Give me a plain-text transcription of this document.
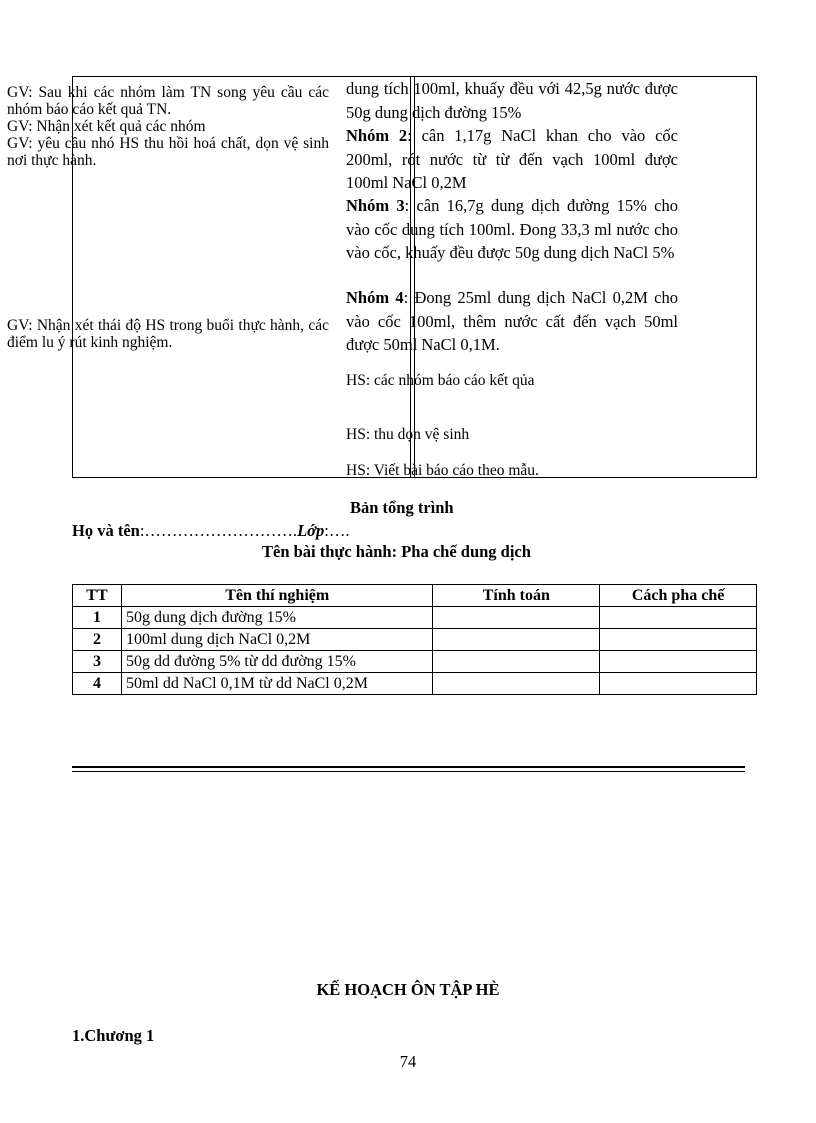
GV: Sau khi các nhóm làm TN song yêu cầu các nhóm báo cáo kết quả TN.

GV: Nhận xét kết quả các nhóm

GV: yêu cầu nhó HS thu hồi hoá chất, dọn vệ sinh nơi thực hành.

GV: Nhận xét thái độ HS trong buổi thực hành, các điểm lu ý rút kinh nghiệm.

dung tích 100ml, khuấy đều với 42,5g nước được 50g dung dịch đường 15%

Nhóm 2: cân 1,17g NaCl khan cho vào cốc 200ml, rót nước từ từ đến vạch 100ml được 100ml NaCl 0,2M

Nhóm 3: cân 16,7g dung dịch đường 15% cho vào cốc dung tích 100ml. Đong 33,3 ml nước cho vào cốc, khuấy đều được 50g dung dịch NaCl 5%

Nhóm 4: Đong 25ml dung dịch NaCl 0,2M cho vào cốc 100ml, thêm nước cất đến vạch 50ml được 50ml NaCl 0,1M.

HS: các nhóm báo cáo kết qủa

HS: thu dọn vệ sinh

HS: Viết bài báo cáo theo mẫu.

Bản tổng trình
Họ và tên:……………………….Lớp:….
Tên bài thực hành: Pha chế dung dịch
TT	Tên thí nghiệm	Tính toán	Cách pha chế
1	50g dung dịch đường 15%		
2	100ml dung dịch NaCl 0,2M		
3	50g dd đường 5% từ dd đường 15%		
4	50ml dd NaCl 0,1M từ dd NaCl 0,2M		
KẾ HOẠCH ÔN TẬP HÈ
1.Chương 1
74
